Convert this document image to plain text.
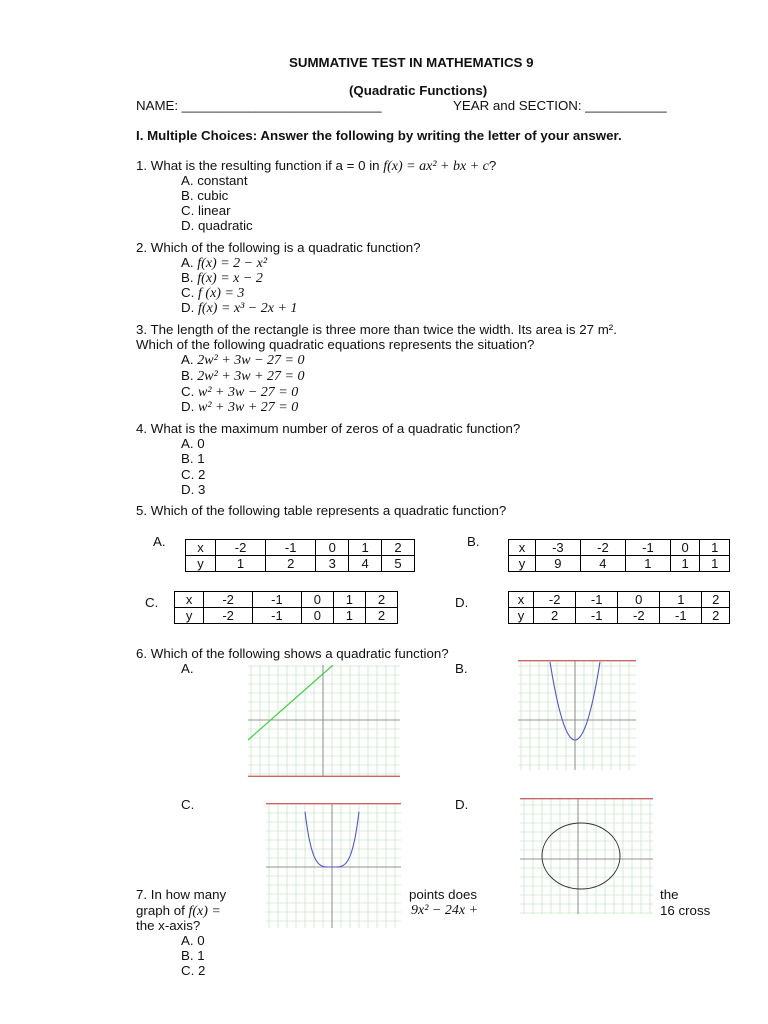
SUMMATIVE TEST IN MATHEMATICS 9
(Quadratic Functions)
NAME: ___________________________	YEAR and SECTION: ___________
I. Multiple Choices: Answer the following by writing the letter of your answer.
1. What is the resulting function if a = 0 in f(x) = ax² + bx + c?
A. constant
B. cubic
C. linear
D. quadratic
2. Which of the following is a quadratic function?
A. f(x) = 2 − x²
B. f(x) = x − 2
C. f (x) = 3
D. f(x) = x³ − 2x + 1
3. The length of the rectangle is three more than twice the width. Its area is 27 m².
Which of the following quadratic equations represents the situation?
A. 2w² + 3w − 27 = 0
B. 2w² + 3w + 27 = 0
C. w² + 3w − 27 = 0
D. w² + 3w + 27 = 0
4. What is the maximum number of zeros of a quadratic function?
A. 0
B. 1
C. 2
D. 3
5. Which of the following table represents a quadratic function?
A. x	-2	-1	0	1	2
y	1	2	3	4	5
B.	x	-3	-2	-1	0	1
y	9	4	1	1	1
C. x	-2	-1	0	1	2
y	-2	-1	0	1	2
D.	x	-2	-1	0	1	2
y	2	-1	-2	-1	2
6. Which of the following shows a quadratic function?
A.	B.
C.	D.
7. In how many	points does	the
graph of f(x) =	9x² − 24x +	16 cross
the x-axis?
A. 0
B. 1
C. 2
